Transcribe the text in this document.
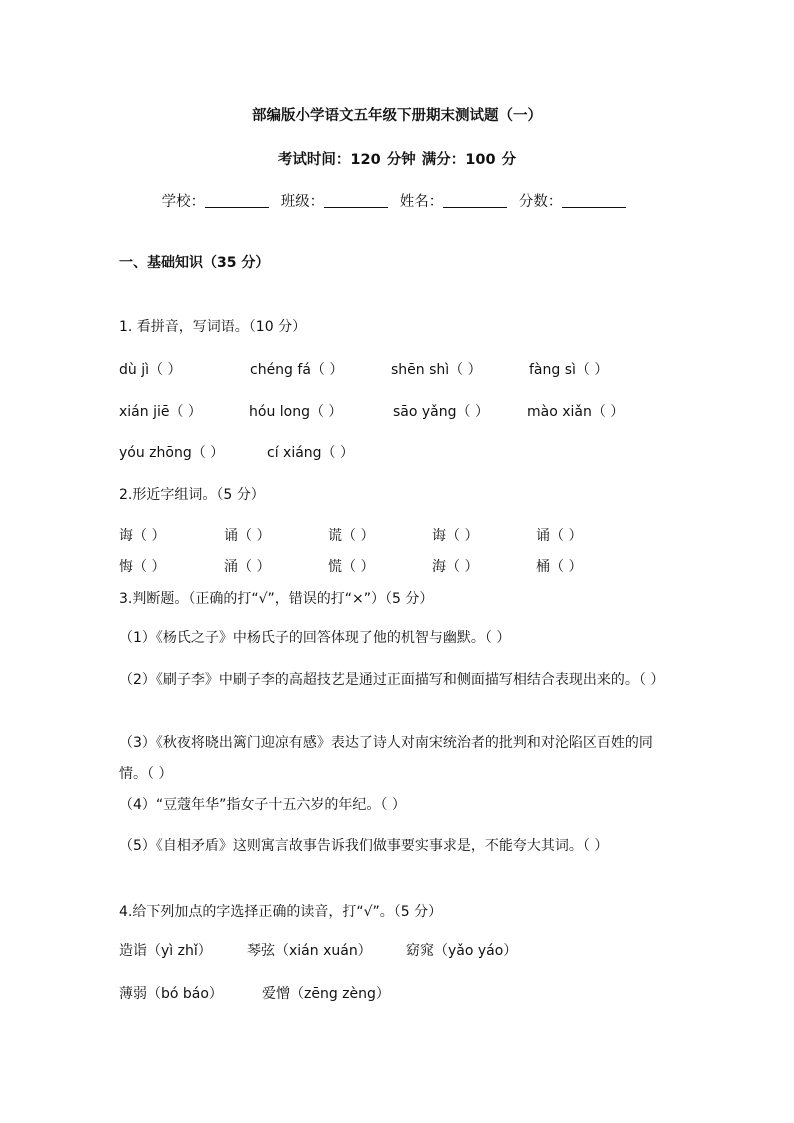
部编版小学语文五年级下册期末测试题（一）
考试时间：120 分钟 满分：100 分
学校：	班级：	姓名：	分数：
一、基础知识（35 分）
1. 看拼音，写词语。（10 分）
dù jì（ ）	chéng fá（ ）	shēn shì（ ）	fàng sì（ ）
xián jiē（ ）	hóu long（ ）	sāo yǎng（ ）	mào xiǎn（ ）
yóu zhōng（ ）	cí xiáng（ ）
2.形近字组词。（5 分）
诲（ ）	诵（ ）	谎（ ）	诲（ ）	诵（ ）
悔（ ）	涌（ ）	慌（ ）	海（ ）	桶（ ）
3.判断题。（正确的打“√”，错误的打“×”）（5 分）
（1）《杨氏之子》中杨氏子的回答体现了他的机智与幽默。（ ）
（2）《刷子李》中刷子李的高超技艺是通过正面描写和侧面描写相结合表现出来的。（ ）
（3）《秋夜将晓出篱门迎凉有感》表达了诗人对南宋统治者的批判和对沦陷区百姓的同情。（ ）
（4）“豆蔻年华”指女子十五六岁的年纪。（ ）
（5）《自相矛盾》这则寓言故事告诉我们做事要实事求是，不能夸大其词。（ ）
4.给下列加点的字选择正确的读音，打“√”。（5 分）
造诣（yì zhǐ）	琴弦（xián xuán） 窈窕（yǎo yáo）
薄弱（bó báo）	爱憎（zēng zèng）
